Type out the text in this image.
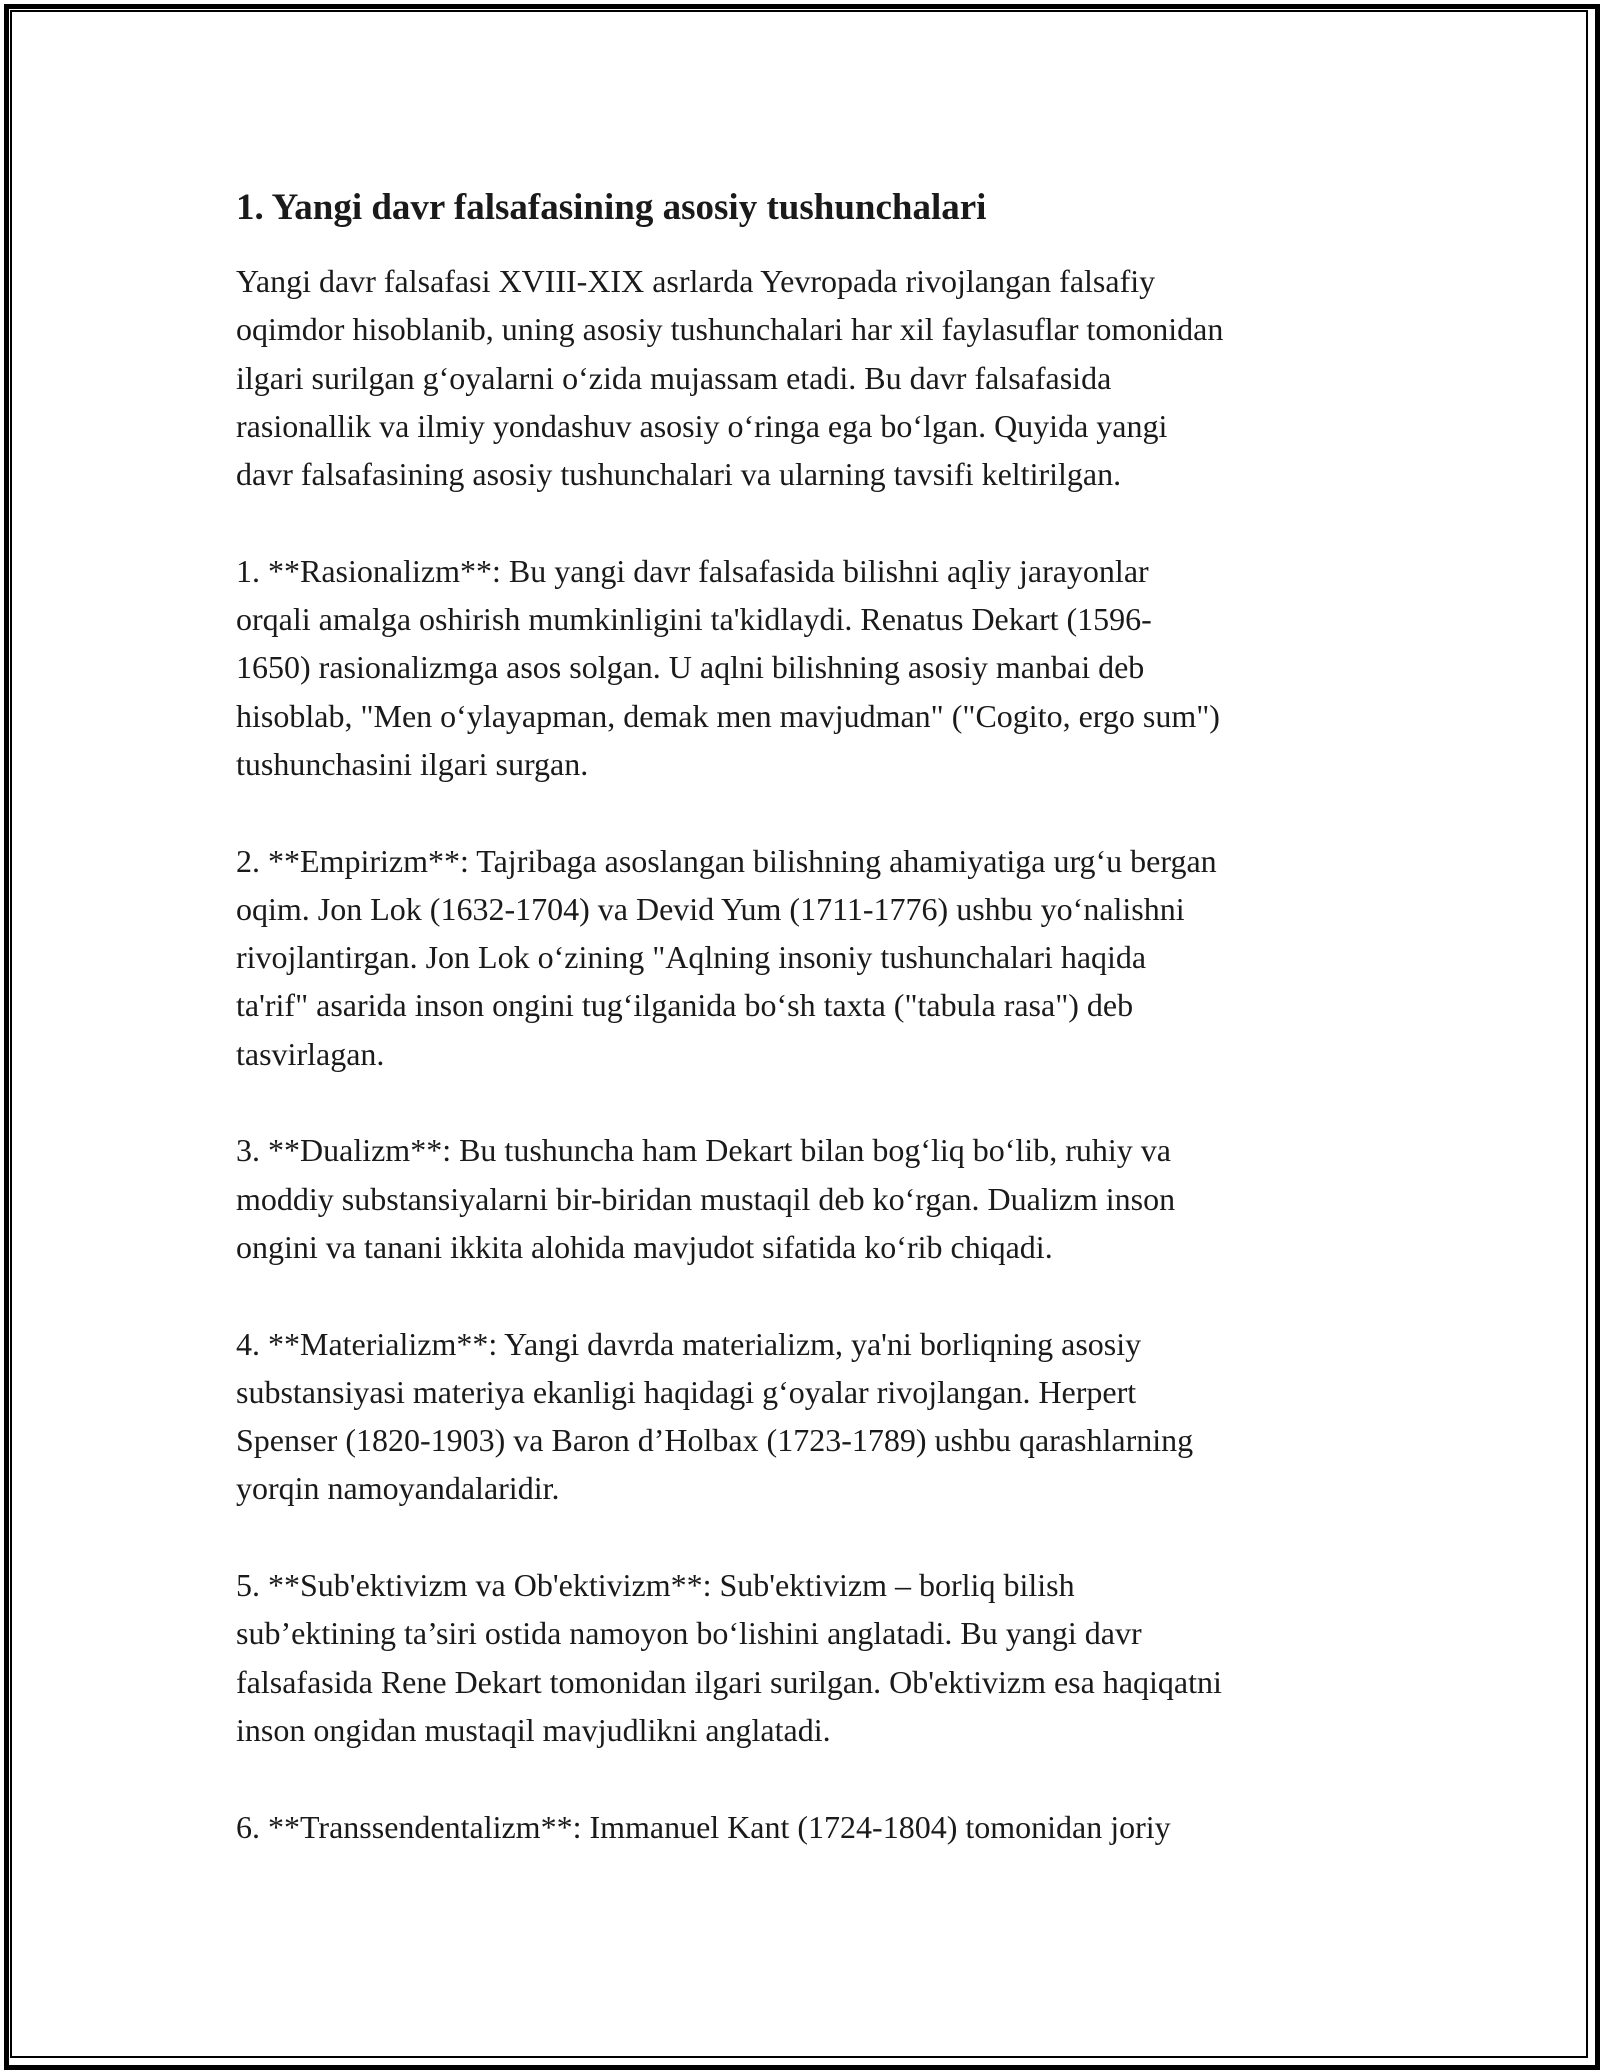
1. Yangi davr falsafasining asosiy tushunchalari

Yangi davr falsafasi XVIII-XIX asrlarda Yevropada rivojlangan falsafiy
oqimdor hisoblanib, uning asosiy tushunchalari har xil faylasuflar tomonidan
ilgari surilgan g‘oyalarni o‘zida mujassam etadi. Bu davr falsafasida
rasionallik va ilmiy yondashuv asosiy o‘ringa ega bo‘lgan. Quyida yangi
davr falsafasining asosiy tushunchalari va ularning tavsifi keltirilgan.

1. **Rasionalizm**: Bu yangi davr falsafasida bilishni aqliy jarayonlar
orqali amalga oshirish mumkinligini ta'kidlaydi. Renatus Dekart (1596-
1650) rasionalizmga asos solgan. U aqlni bilishning asosiy manbai deb
hisoblab, "Men o‘ylayapman, demak men mavjudman" ("Cogito, ergo sum")
tushunchasini ilgari surgan.

2. **Empirizm**: Tajribaga asoslangan bilishning ahamiyatiga urg‘u bergan
oqim. Jon Lok (1632-1704) va Devid Yum (1711-1776) ushbu yo‘nalishni
rivojlantirgan. Jon Lok o‘zining "Aqlning insoniy tushunchalari haqida
ta'rif" asarida inson ongini tug‘ilganida bo‘sh taxta ("tabula rasa") deb
tasvirlagan.

3. **Dualizm**: Bu tushuncha ham Dekart bilan bog‘liq bo‘lib, ruhiy va
moddiy substansiyalarni bir-biridan mustaqil deb ko‘rgan. Dualizm inson
ongini va tanani ikkita alohida mavjudot sifatida ko‘rib chiqadi.

4. **Materializm**: Yangi davrda materializm, ya'ni borliqning asosiy
substansiyasi materiya ekanligi haqidagi g‘oyalar rivojlangan. Herpert
Spenser (1820-1903) va Baron d’Holbax (1723-1789) ushbu qarashlarning
yorqin namoyandalaridir.

5. **Sub'ektivizm va Ob'ektivizm**: Sub'ektivizm – borliq bilish
sub’ektining ta’siri ostida namoyon bo‘lishini anglatadi. Bu yangi davr
falsafasida Rene Dekart tomonidan ilgari surilgan. Ob'ektivizm esa haqiqatni
inson ongidan mustaqil mavjudlikni anglatadi.

6. **Transsendentalizm**: Immanuel Kant (1724-1804) tomonidan joriy
